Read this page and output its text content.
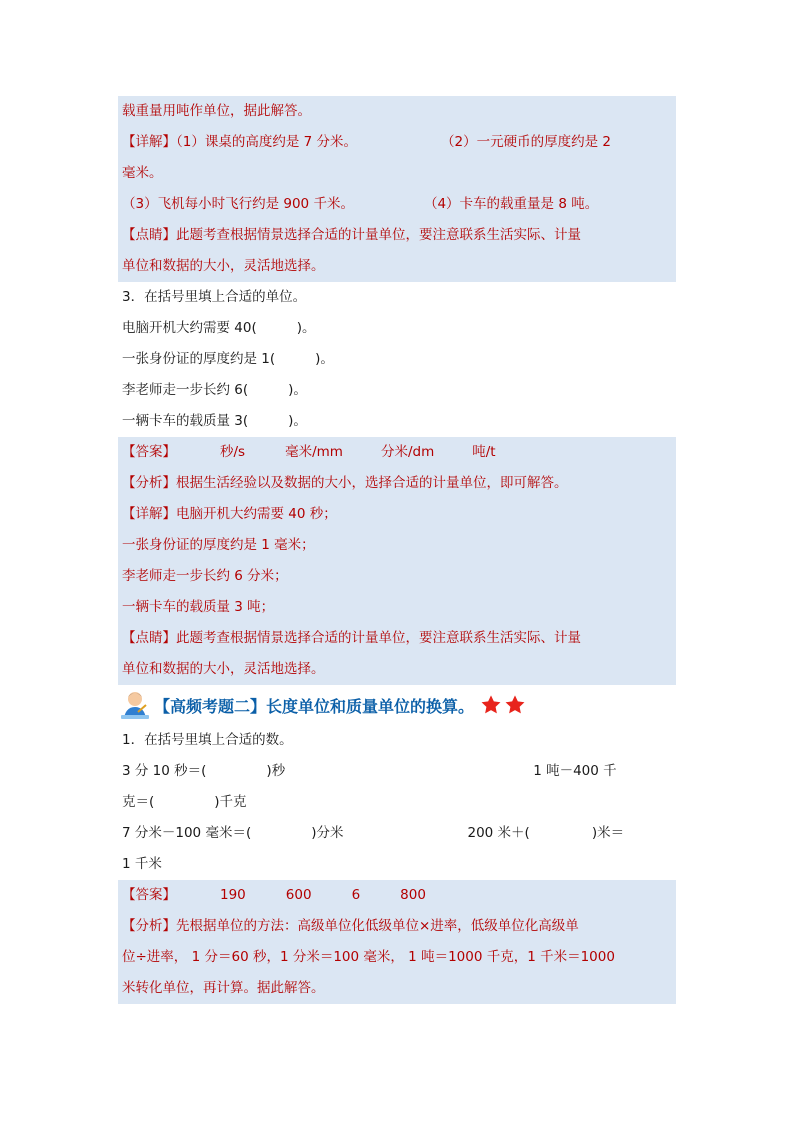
载重量用吨作单位，据此解答。
【详解】（1）课桌的高度约是 7 分米。	（2）一元硬币的厚度约是 2
毫米。
（3）飞机每小时飞行约是 900 千米。	（4）卡车的载重量是 8 吨。
【点睛】此题考查根据情景选择合适的计量单位，要注意联系生活实际、计量
单位和数据的大小，灵活地选择。
3．在括号里填上合适的单位。
电脑开机大约需要 40(	)。
一张身份证的厚度约是 1(	)。
李老师走一步长约 6(	)。
一辆卡车的载质量 3(	)。
【答案】	秒/s	毫米/mm	分米/dm	吨/t
【分析】根据生活经验以及数据的大小，选择合适的计量单位，即可解答。
【详解】电脑开机大约需要 40 秒；
一张身份证的厚度约是 1 毫米；
李老师走一步长约 6 分米；
一辆卡车的载质量 3 吨；
【点睛】此题考查根据情景选择合适的计量单位，要注意联系生活实际、计量
单位和数据的大小，灵活地选择。
【高频考题二】长度单位和质量单位的换算。
1．在括号里填上合适的数。
3 分 10 秒＝(	)秒	1 吨－400 千
克＝(	)千克
7 分米－100 毫米＝(	)分米	200 米＋(	)米＝
1 千米
【答案】	190	600	6	800
【分析】先根据单位的方法：高级单位化低级单位×进率，低级单位化高级单
位÷进率， 1 分＝60 秒，1 分米＝100 毫米， 1 吨＝1000 千克，1 千米＝1000
米转化单位，再计算。据此解答。
